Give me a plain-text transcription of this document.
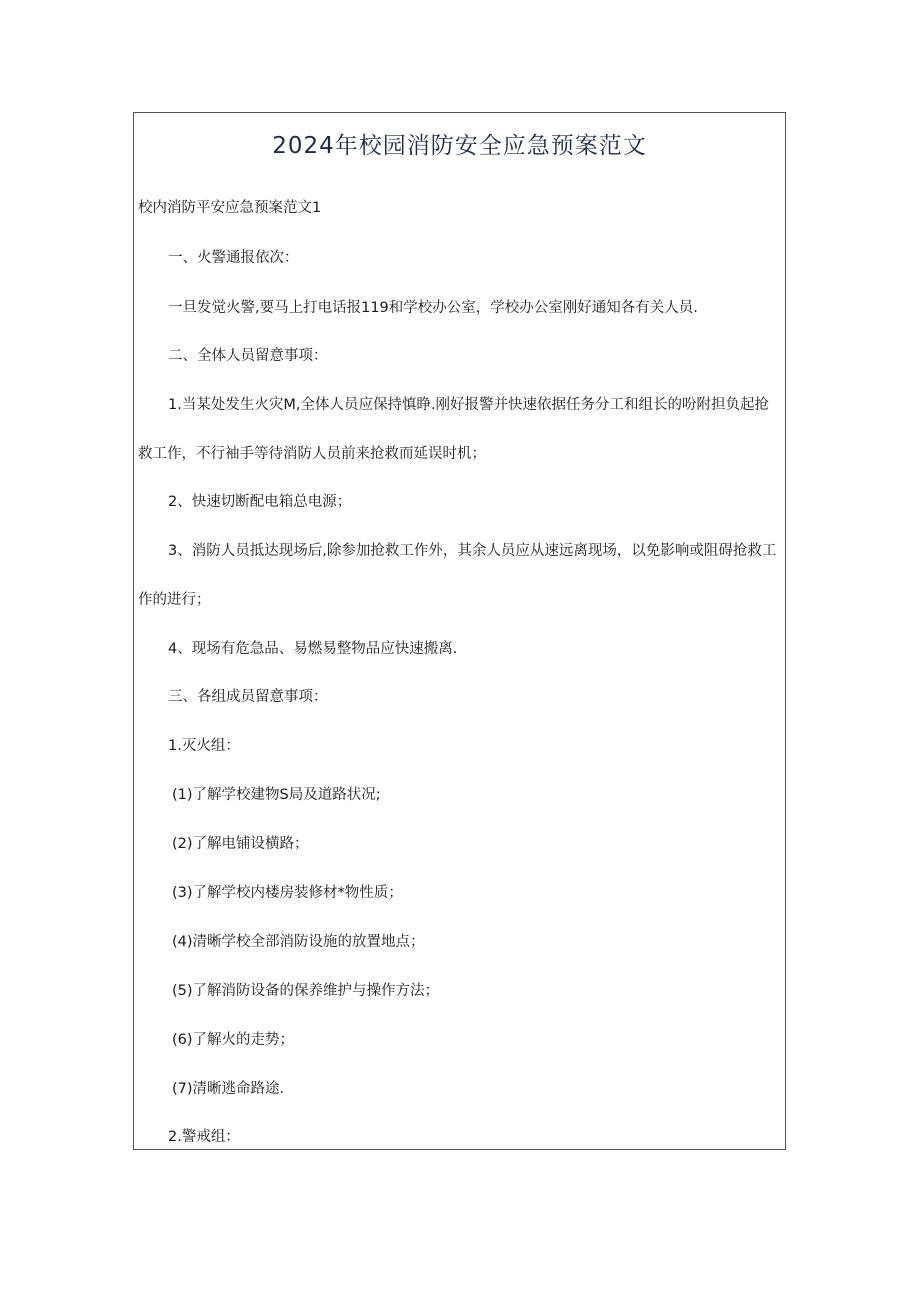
2024年校园消防安全应急预案范文
校内消防平安应急预案范文1
一、火警通报依次：
一旦发觉火警,要马上打电话报119和学校办公室，学校办公室刚好通知各有关人员.
二、全体人员留意事项：
1.当某处发生火灾M,全体人员应保持慎睁.刚好报警并快速依据任务分工和组长的吩附担负起抢
救工作，不行袖手等待消防人员前来抢救而延误时机；
2、快速切断配电箱总电源；
3、消防人员抵达现场后,除参加抢救工作外，其余人员应从速远离现场，以免影响或阻碍抢救工
作的进行；
4、现场有危急品、易燃易整物品应快速搬离.
三、各组成员留意事项：
1.灭火组：
(1)了解学校建物S局及道路状况;
(2)了解电铺设横路；
(3)了解学校内楼房装修材*物性质；
(4)清晰学校全部消防设施的放置地点；
(5)了解消防设备的保养维护与操作方法；
(6)了解火的走势；
(7)清晰逃命路途.
2.警戒组：
